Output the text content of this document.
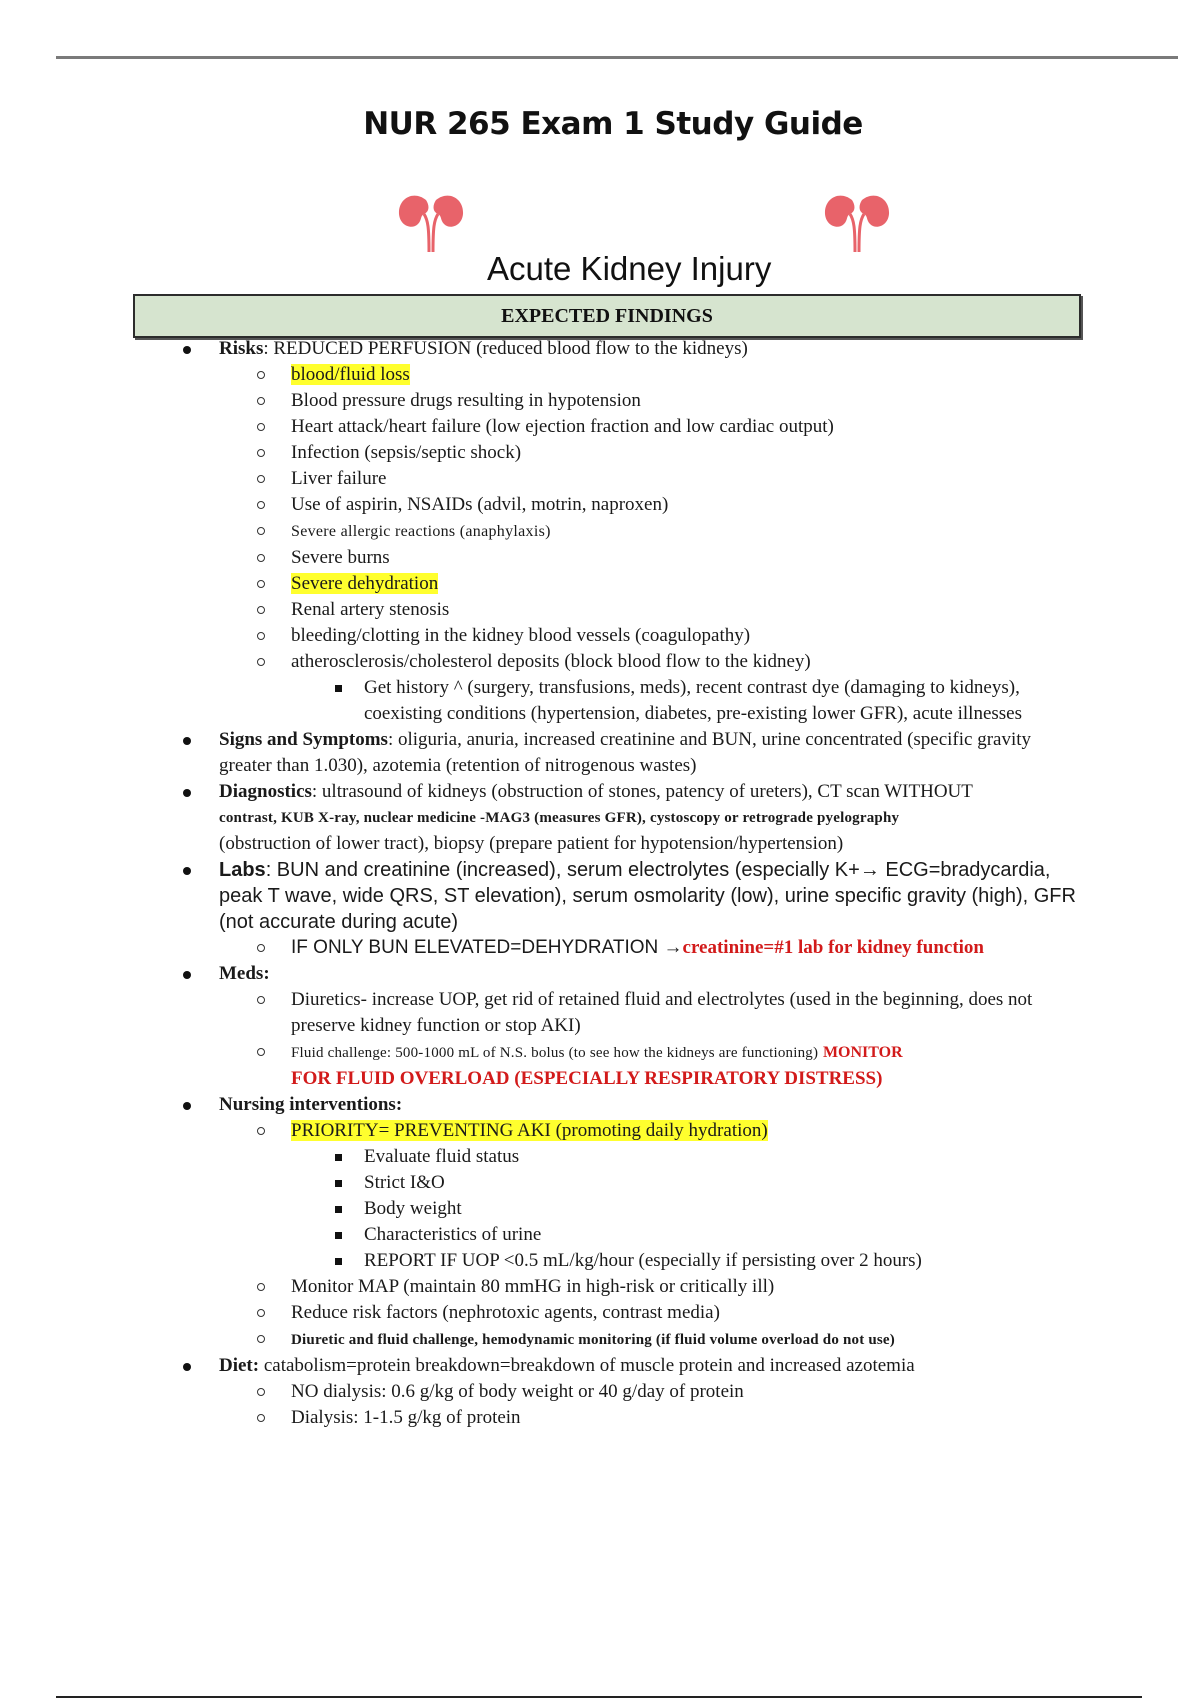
NUR 265 Exam 1 Study Guide
Acute Kidney Injury
EXPECTED FINDINGS
Risks: REDUCED PERFUSION (reduced blood flow to the kidneys)
blood/fluid loss
Blood pressure drugs resulting in hypotension
Heart attack/heart failure (low ejection fraction and low cardiac output)
Infection (sepsis/septic shock)
Liver failure
Use of aspirin, NSAIDs (advil, motrin, naproxen)
Severe allergic reactions (anaphylaxis)
Severe burns
Severe dehydration
Renal artery stenosis
bleeding/clotting in the kidney blood vessels (coagulopathy)
atherosclerosis/cholesterol deposits (block blood flow to the kidney)
Get history ^ (surgery, transfusions, meds), recent contrast dye (damaging to kidneys), coexisting conditions (hypertension, diabetes, pre-existing lower GFR), acute illnesses
Signs and Symptoms: oliguria, anuria, increased creatinine and BUN, urine concentrated (specific gravity greater than 1.030), azotemia (retention of nitrogenous wastes)
Diagnostics: ultrasound of kidneys (obstruction of stones, patency of ureters), CT scan WITHOUT
contrast, KUB X-ray, nuclear medicine -MAG3 (measures GFR), cystoscopy or retrograde pyelography
(obstruction of lower tract), biopsy (prepare patient for hypotension/hypertension)
Labs: BUN and creatinine (increased), serum electrolytes (especially K+→ ECG=bradycardia, peak T wave, wide QRS, ST elevation), serum osmolarity (low), urine specific gravity (high), GFR (not accurate during acute)
IF ONLY BUN ELEVATED=DEHYDRATION →creatinine=#1 lab for kidney function
Meds:
Diuretics- increase UOP, get rid of retained fluid and electrolytes (used in the beginning, does not preserve kidney function or stop AKI)
Fluid challenge: 500-1000 mL of N.S. bolus (to see how the kidneys are functioning) MONITOR
FOR FLUID OVERLOAD (ESPECIALLY RESPIRATORY DISTRESS)
Nursing interventions:
PRIORITY= PREVENTING AKI (promoting daily hydration)
Evaluate fluid status
Strict I&O
Body weight
Characteristics of urine
REPORT IF UOP <0.5 mL/kg/hour (especially if persisting over 2 hours)
Monitor MAP (maintain 80 mmHG in high-risk or critically ill)
Reduce risk factors (nephrotoxic agents, contrast media)
Diuretic and fluid challenge, hemodynamic monitoring (if fluid volume overload do not use)
Diet: catabolism=protein breakdown=breakdown of muscle protein and increased azotemia
NO dialysis: 0.6 g/kg of body weight or 40 g/day of protein
Dialysis: 1-1.5 g/kg of protein
